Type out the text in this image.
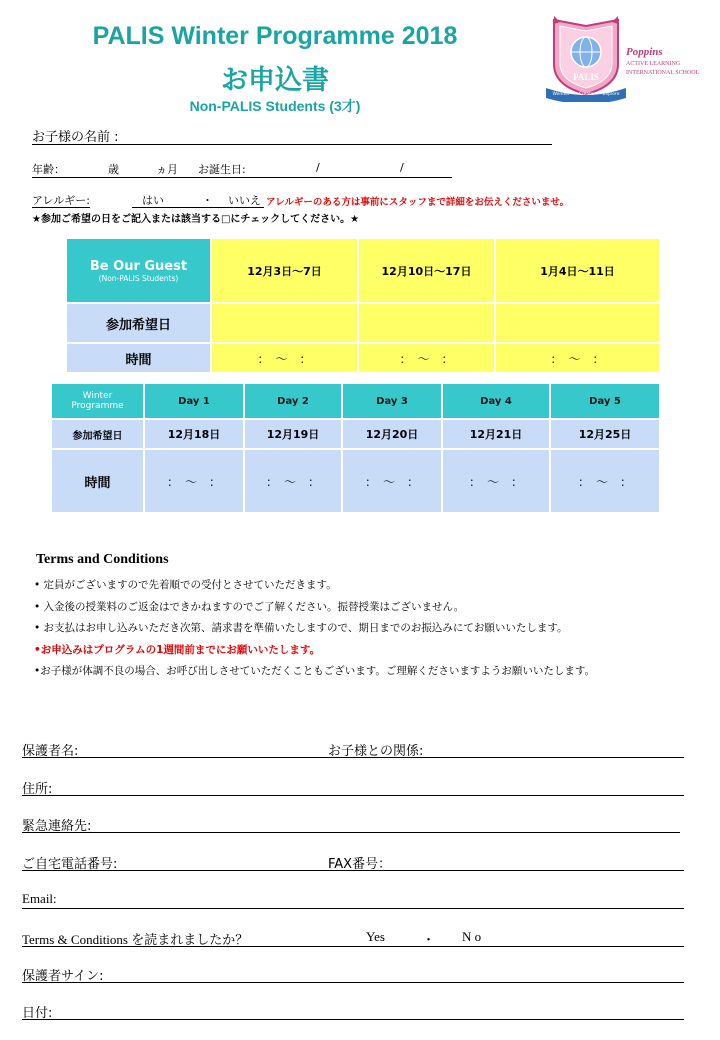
PALIS Winter Programme 2018
お申込書
Non-PALIS Students (3才)
PALIS
Wonder Create Explore
Poppins
ACTIVE LEARNING
INTERNATIONAL SCHOOL
お子様の名前 :
年齢：	歳	ヵ月 お誕生日:	/	/
アレルギー:	はい	・ いいえ アレルギーのある方は事前にスタッフまで詳細をお伝えくださいませ。
★参加ご希望の日をご記入または該当する□にチェックしてください。★
Be Our Guest
(Non-PALIS Students)	12月3日～7日	12月10日～17日	1月4日～11日
参加希望日			
時間	：　～　：	：　～　：	：　～　：
Winter
Programme	Day 1	Day 2	Day 3	Day 4	Day 5
参加希望日	12月18日	12月19日	12月20日	12月21日	12月25日
時間	：　～　：	：　～　：	：　～　：	：　～　：	：　～　：
Terms and Conditions
• 定員がございますので先着順での受付とさせていただきます。
• 入金後の授業料のご返金はできかねますのでご了解ください。振替授業はございません。
• お支払はお申し込みいただき次第、請求書を準備いたしますので、期日までのお振込みにてお願いいたします。
•お申込みはプログラムの1週間前までにお願いいたします。
•お子様が体調不良の場合、お呼び出しさせていただくこともございます。ご理解くださいますようお願いいたします。
保護者名:	お子様との関係:
住所:
緊急連絡先:
ご自宅電話番号:	FAX番号：
Email:
Terms & Conditions を読まれましたか？	Yes	・ N o
保護者サイン:
日付:
